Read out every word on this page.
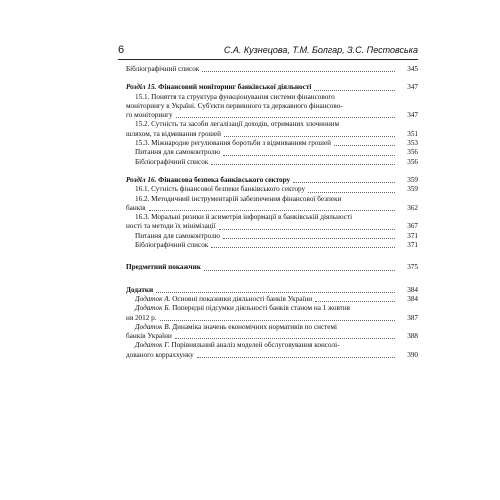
6	С.А. Кузнецова, Т.М. Болгар, З.С. Пестовська
Бібліографічний список	345
Розділ 15. Фінансовий моніторинг банківської діяльності	347
15.1. Поняття та структура функціонування системи фінансового
моніторингу в Україні. Суб'єкти первинного та державного фінансово-
го моніторингу	347
15.2. Сутність та засоби легалізації доходів, отриманих злочинним
шляхом, та відмивання грошей	351
15.3. Міжнародне регулювання боротьби з відмиванням грошей	353
Питання для самоконтролю	356
Бібліографічний список	356
Розділ 16. Фінансова безпека банківського сектору	359
16.1. Сутність фінансової безпеки банківського сектору	359
16.2. Методичний інструментарій забезпечення фінансової безпеки
банків	362
16.3. Моральні ризики й асиметрія інформації в банківській діяльності
ності та методи їх мінімізації	367
Питання для самоконтролю	371
Бібліографічний список	371
Предметний покажчик	375
Додатки	384
Додаток А. Основні показники діяльності банків України	384
Додаток Б. Попередні підсумки діяльності банків станом на 1 жовтня
ня 2012 р.	387
Додаток В. Динаміка значень економічних нормативів по системі
банків України	388
Додаток Г. Порівняльний аналіз моделей обслуговування консолі-
дованого корраххунку	390
